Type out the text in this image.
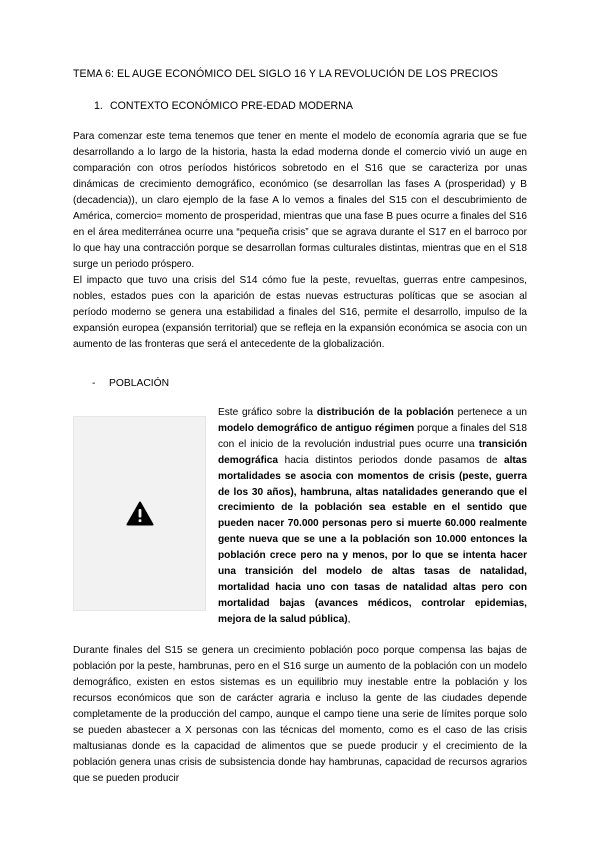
TEMA 6: EL AUGE ECONÓMICO DEL SIGLO 16 Y LA REVOLUCIÓN DE LOS PRECIOS
1. CONTEXTO ECONÓMICO PRE-EDAD MODERNA

Para comenzar este tema tenemos que tener en mente el modelo de economía agraria que se fue desarrollando a lo largo de la historia, hasta la edad moderna donde el comercio vivió un auge en comparación con otros períodos históricos sobretodo en el S16 que se caracteriza por unas dinámicas de crecimiento demográfico, económico (se desarrollan las fases A (prosperidad) y B (decadencia)), un claro ejemplo de la fase A lo vemos a finales del S15 con el descubrimiento de América, comercio= momento de prosperidad, mientras que una fase B pues ocurre a finales del S16 en el área mediterránea ocurre una “pequeña crisis” que se agrava durante el S17 en el barroco por lo que hay una contracción porque se desarrollan formas culturales distintas, mientras que en el S18 surge un periodo próspero.

El impacto que tuvo una crisis del S14 cómo fue la peste, revueltas, guerras entre campesinos, nobles, estados pues con la aparición de estas nuevas estructuras políticas que se asocian al período moderno se genera una estabilidad a finales del S16, permite el desarrollo, impulso de la expansión europea (expansión territorial) que se refleja en la expansión económica se asocia con un aumento de las fronteras que será el antecedente de la globalización.

- POBLACIÓN

Este gráfico sobre la distribución de la población pertenece a un modelo demográfico de antiguo régimen porque a finales del S18 con el inicio de la revolución industrial pues ocurre una transición demográfica hacia distintos periodos donde pasamos de altas mortalidades se asocia con momentos de crisis (peste, guerra de los 30 años), hambruna, altas natalidades generando que el crecimiento de la población sea estable en el sentido que pueden nacer 70.000 personas pero si muerte 60.000 realmente gente nueva que se une a la población son 10.000 entonces la población crece pero na y menos, por lo que se intenta hacer una transición del modelo de altas tasas de natalidad, mortalidad hacia uno con tasas de natalidad altas pero con mortalidad bajas (avances médicos, controlar epidemias, mejora de la salud pública),

Durante finales del S15 se genera un crecimiento población poco porque compensa las bajas de población por la peste, hambrunas, pero en el S16 surge un aumento de la población con un modelo demográfico, existen en estos sistemas es un equilibrio muy inestable entre la población y los recursos económicos que son de carácter agraria e incluso la gente de las ciudades depende completamente de la producción del campo, aunque el campo tiene una serie de límites porque solo se pueden abastecer a X personas con las técnicas del momento, como es el caso de las crisis maltusianas donde es la capacidad de alimentos que se puede producir y el crecimiento de la población genera unas crisis de subsistencia donde hay hambrunas, capacidad de recursos agrarios que se pueden producir
